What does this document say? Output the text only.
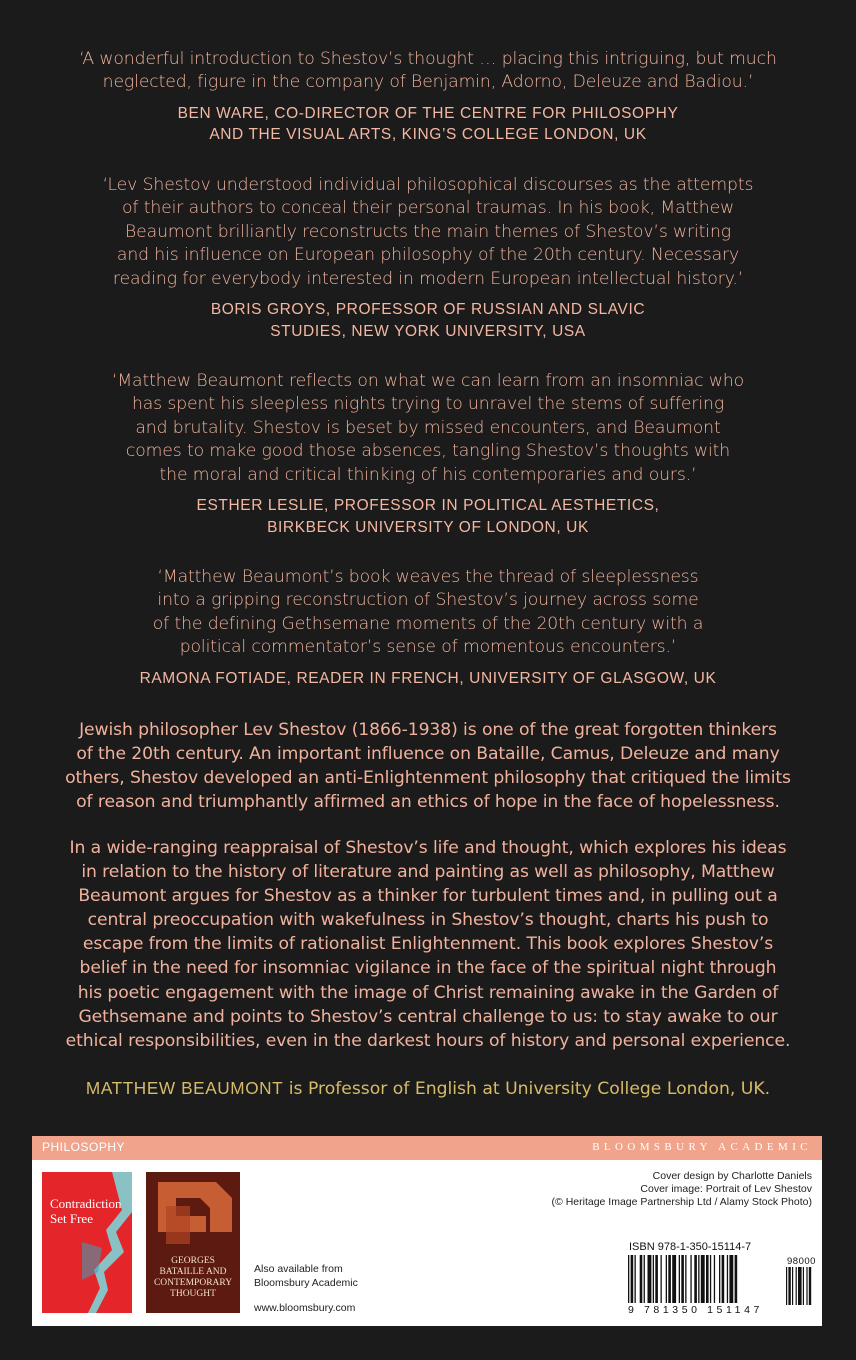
‘A wonderful introduction to Shestov’s thought … placing this intriguing, but much
neglected, figure in the company of Benjamin, Adorno, Deleuze and Badiou.’
BEN WARE, CO-DIRECTOR OF THE CENTRE FOR PHILOSOPHY
AND THE VISUAL ARTS, KING’S COLLEGE LONDON, UK
‘Lev Shestov understood individual philosophical discourses as the attempts
of their authors to conceal their personal traumas. In his book, Matthew
Beaumont brilliantly reconstructs the main themes of Shestov’s writing
and his influence on European philosophy of the 20th century. Necessary
reading for everybody interested in modern European intellectual history.’
BORIS GROYS, PROFESSOR OF RUSSIAN AND SLAVIC
STUDIES, NEW YORK UNIVERSITY, USA
‘Matthew Beaumont reflects on what we can learn from an insomniac who
has spent his sleepless nights trying to unravel the stems of suffering
and brutality. Shestov is beset by missed encounters, and Beaumont
comes to make good those absences, tangling Shestov’s thoughts with
the moral and critical thinking of his contemporaries and ours.’
ESTHER LESLIE, PROFESSOR IN POLITICAL AESTHETICS,
BIRKBECK UNIVERSITY OF LONDON, UK
‘Matthew Beaumont’s book weaves the thread of sleeplessness
into a gripping reconstruction of Shestov’s journey across some
of the defining Gethsemane moments of the 20th century with a
political commentator’s sense of momentous encounters.’
RAMONA FOTIADE, READER IN FRENCH, UNIVERSITY OF GLASGOW, UK
Jewish philosopher Lev Shestov (1866-1938) is one of the great forgotten thinkers
of the 20th century. An important influence on Bataille, Camus, Deleuze and many
others, Shestov developed an anti-Enlightenment philosophy that critiqued the limits
of reason and triumphantly affirmed an ethics of hope in the face of hopelessness.
In a wide-ranging reappraisal of Shestov’s life and thought, which explores his ideas
in relation to the history of literature and painting as well as philosophy, Matthew
Beaumont argues for Shestov as a thinker for turbulent times and, in pulling out a
central preoccupation with wakefulness in Shestov’s thought, charts his push to
escape from the limits of rationalist Enlightenment. This book explores Shestov’s
belief in the need for insomniac vigilance in the face of the spiritual night through
his poetic engagement with the image of Christ remaining awake in the Garden of
Gethsemane and points to Shestov’s central challenge to us: to stay awake to our
ethical responsibilities, even in the darkest hours of history and personal experience.
MATTHEW BEAUMONT is Professor of English at University College London, UK.
PHILOSOPHY	BLOOMSBURY ACADEMIC
Contradiction Set Free
GEORGES
BATAILLE AND
CONTEMPORARY
THOUGHT
Also available from
Bloomsbury Academic
www.bloomsbury.com
Cover design by Charlotte Daniels
Cover image: Portrait of Lev Shestov
(© Heritage Image Partnership Ltd / Alamy Stock Photo)
ISBN 978-1-350-15114-7
98000
9 781350 151147
